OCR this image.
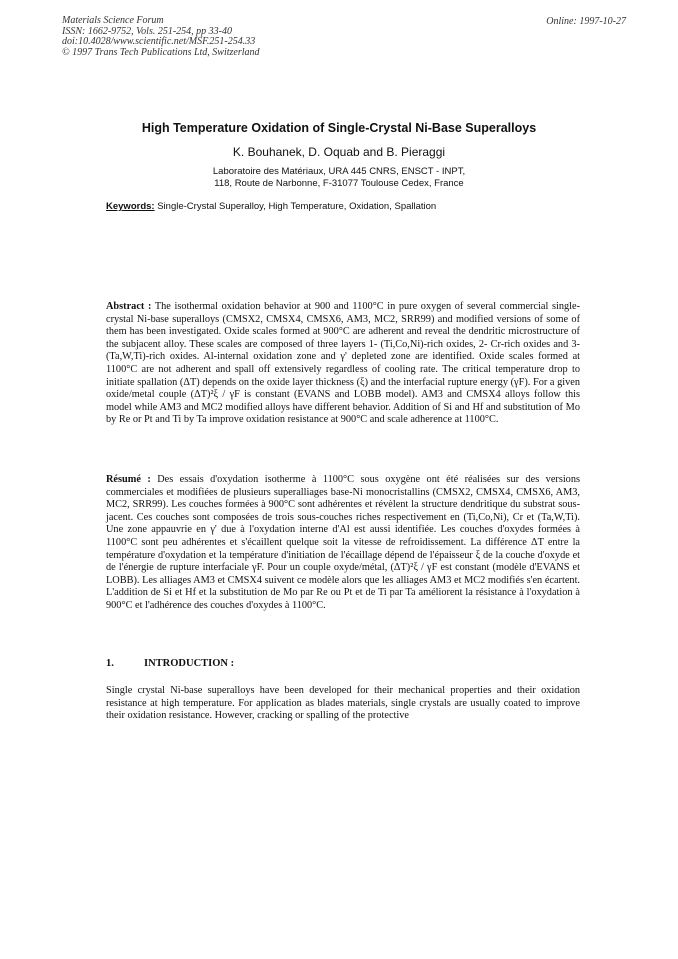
Materials Science Forum
ISSN: 1662-9752, Vols. 251-254, pp 33-40
doi:10.4028/www.scientific.net/MSF.251-254.33
© 1997 Trans Tech Publications Ltd, Switzerland
Online: 1997-10-27
High Temperature Oxidation of Single-Crystal Ni-Base Superalloys
K. Bouhanek, D. Oquab and B. Pieraggi
Laboratoire des Matériaux, URA 445 CNRS, ENSCT - INPT,
118, Route de Narbonne, F-31077 Toulouse Cedex, France
Keywords: Single-Crystal Superalloy, High Temperature, Oxidation, Spallation
Abstract : The isothermal oxidation behavior at 900 and 1100°C in pure oxygen of several commercial single-crystal Ni-base superalloys (CMSX2, CMSX4, CMSX6, AM3, MC2, SRR99) and modified versions of some of them has been investigated. Oxide scales formed at 900°C are adherent and reveal the dendritic microstructure of the subjacent alloy. These scales are composed of three layers 1- (Ti,Co,Ni)-rich oxides, 2- Cr-rich oxides and 3- (Ta,W,Ti)-rich oxides. Al-internal oxidation zone and γ' depleted zone are identified. Oxide scales formed at 1100°C are not adherent and spall off extensively regardless of cooling rate. The critical temperature drop to initiate spallation (ΔT) depends on the oxide layer thickness (ξ) and the interfacial rupture energy (γF). For a given oxide/metal couple (ΔT)²ξ / γF is constant (EVANS and LOBB model). AM3 and CMSX4 alloys follow this model while AM3 and MC2 modified alloys have different behavior. Addition of Si and Hf and substitution of Mo by Re or Pt and Ti by Ta improve oxidation resistance at 900°C and scale adherence at 1100°C.
Résumé : Des essais d'oxydation isotherme à 1100°C sous oxygène ont été réalisées sur des versions commerciales et modifiées de plusieurs superalliages base-Ni monocristallins (CMSX2, CMSX4, CMSX6, AM3, MC2, SRR99). Les couches formées à 900°C sont adhérentes et révèlent la structure dendritique du substrat sous-jacent. Ces couches sont composées de trois sous-couches riches respectivement en (Ti,Co,Ni), Cr et (Ta,W,Ti). Une zone appauvrie en γ' due à l'oxydation interne d'Al est aussi identifiée. Les couches d'oxydes formées à 1100°C sont peu adhérentes et s'écaillent quelque soit la vitesse de refroidissement. La différence ΔT entre la température d'oxydation et la température d'initiation de l'écaillage dépend de l'épaisseur ξ de la couche d'oxyde et de l'énergie de rupture interfaciale γF. Pour un couple oxyde/métal, (ΔT)²ξ / γF est constant (modèle d'EVANS et LOBB). Les alliages AM3 et CMSX4 suivent ce modèle alors que les alliages AM3 et MC2 modifiés s'en écartent. L'addition de Si et Hf et la substitution de Mo par Re ou Pt et de Ti par Ta améliorent la résistance à l'oxydation à 900°C et l'adhérence des couches d'oxydes à 1100°C.
1.	INTRODUCTION :
Single crystal Ni-base superalloys have been developed for their mechanical properties and their oxidation resistance at high temperature. For application as blades materials, single crystals are usually coated to improve their oxidation resistance. However, cracking or spalling of the protective
